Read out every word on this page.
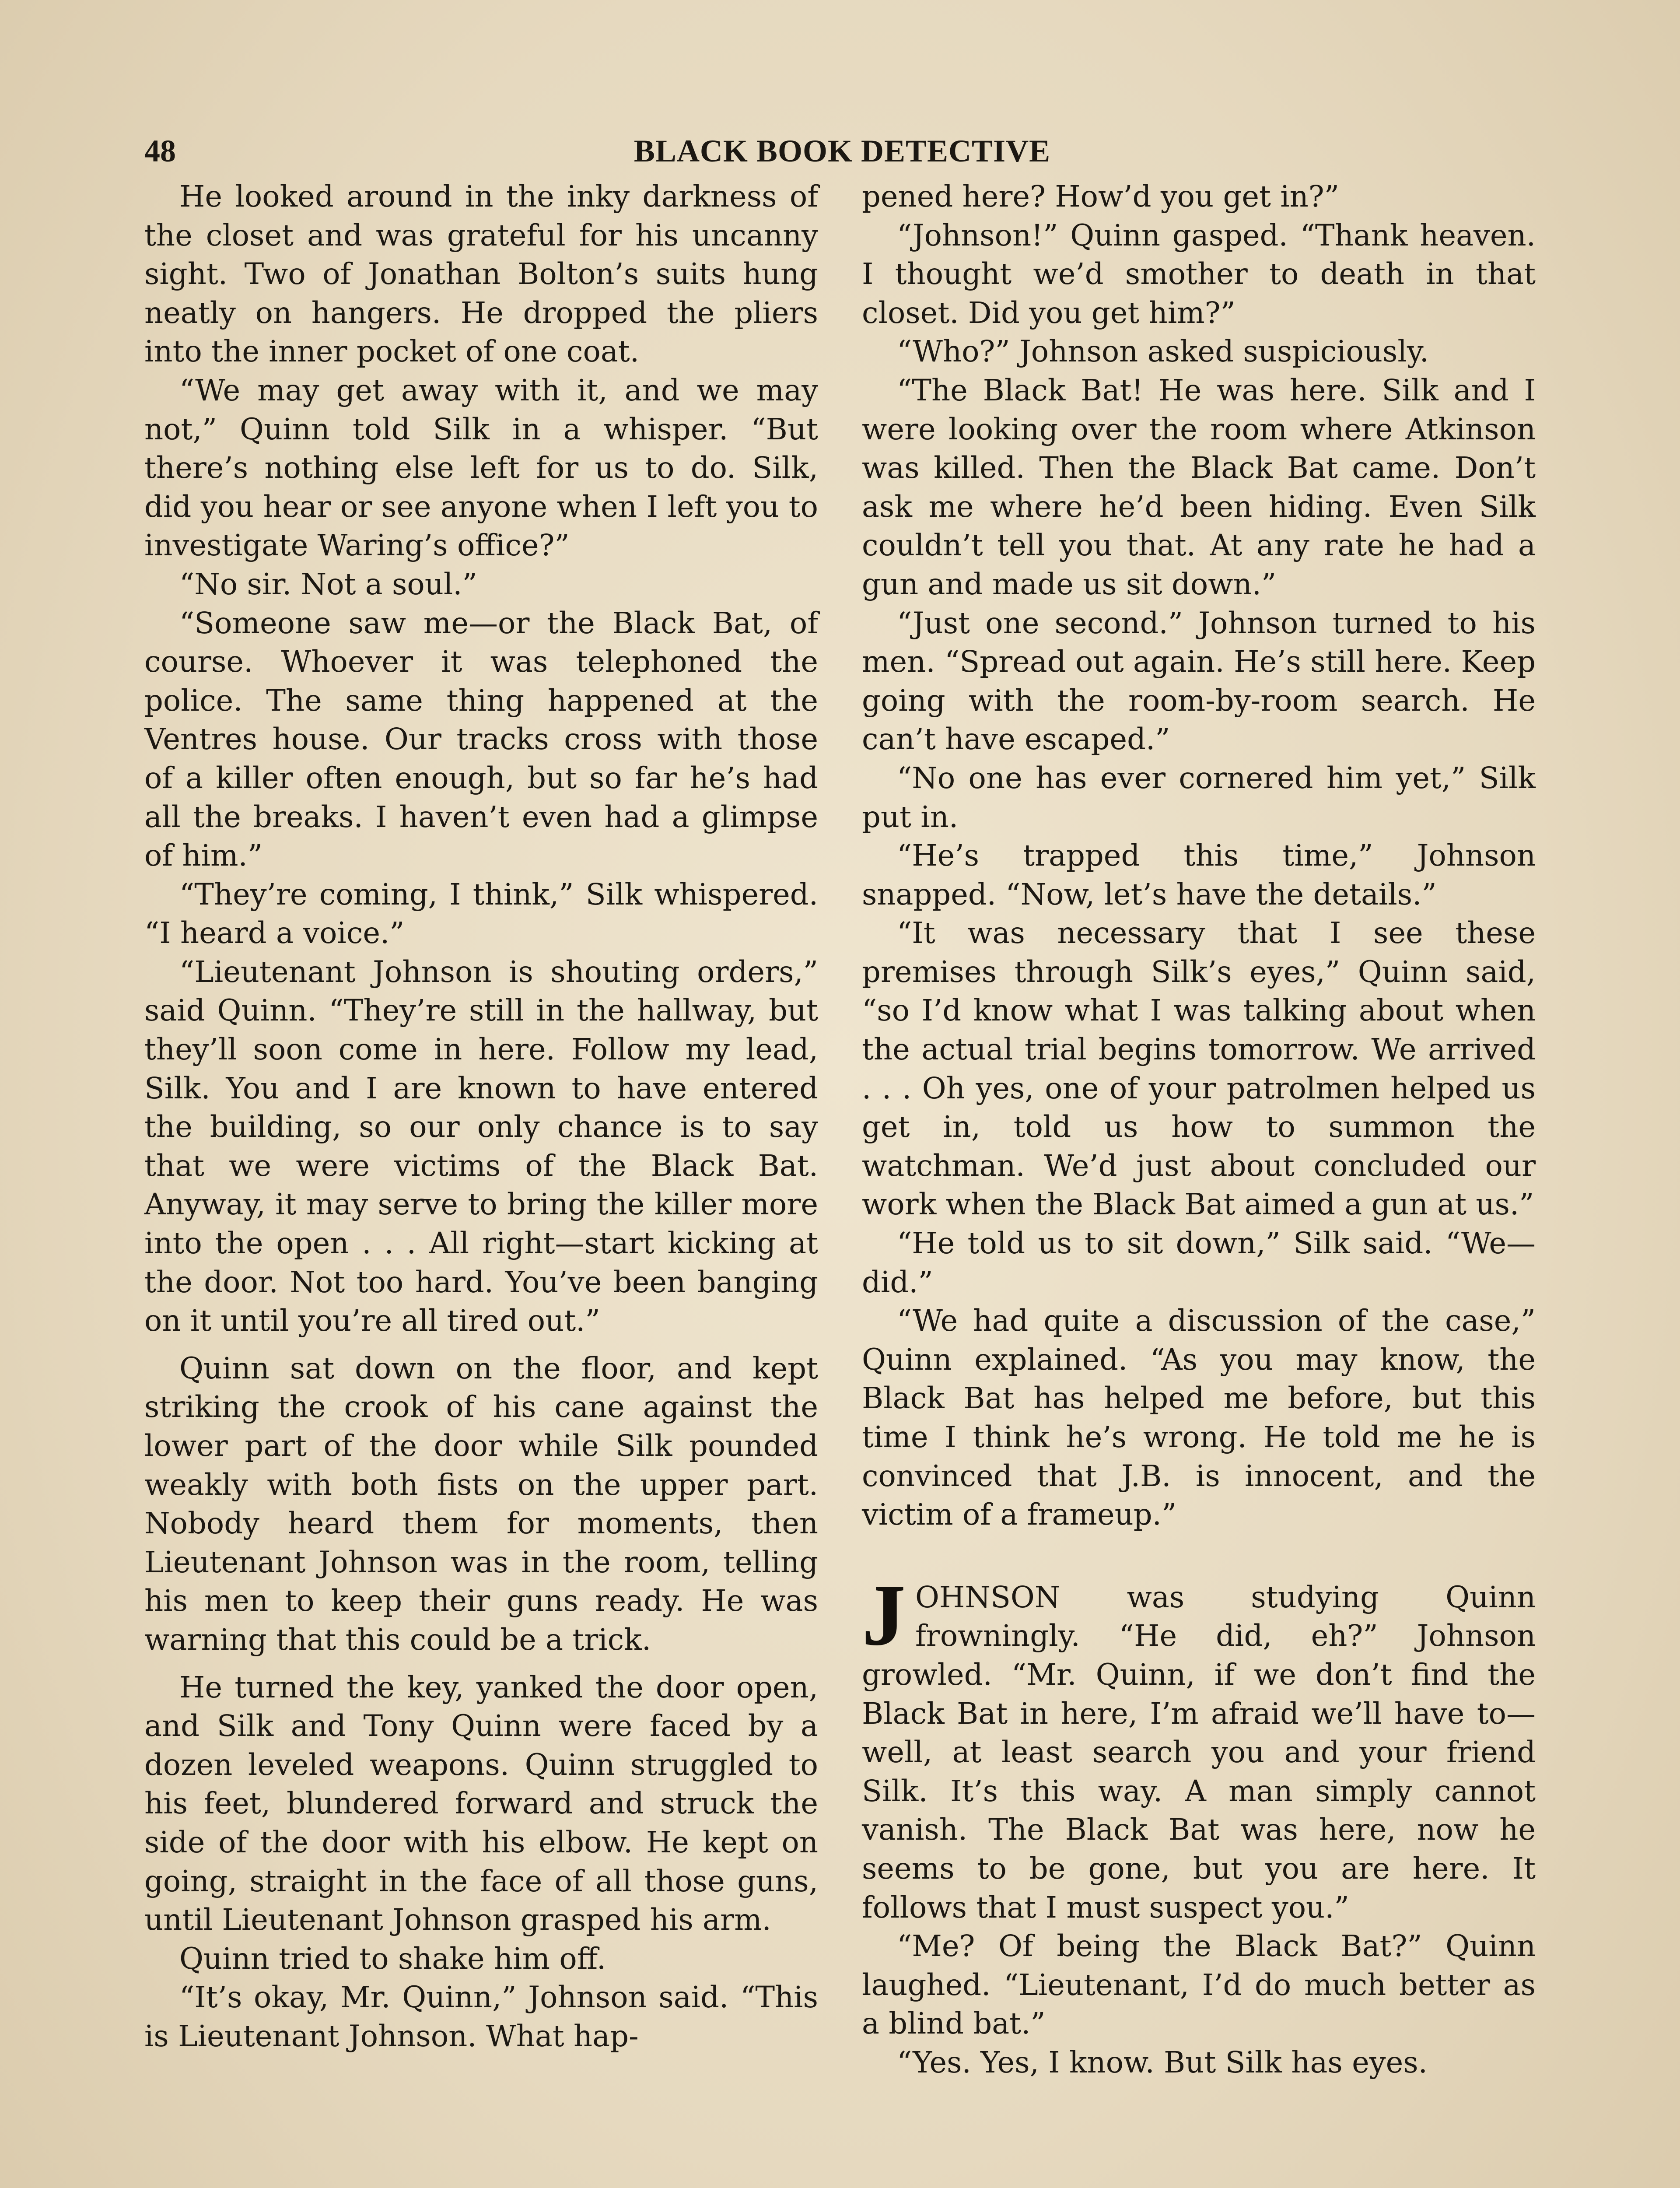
48	BLACK BOOK DETECTIVE

He looked around in the inky darkness of the closet and was grateful for his uncanny sight. Two of Jonathan Bolton’s suits hung neatly on hangers. He dropped the pliers into the inner pocket of one coat.

“We may get away with it, and we may not,” Quinn told Silk in a whisper. “But there’s nothing else left for us to do. Silk, did you hear or see anyone when I left you to investigate Waring’s office?”

“No sir. Not a soul.”

“Someone saw me—or the Black Bat, of course. Whoever it was telephoned the police. The same thing happened at the Ventres house. Our tracks cross with those of a killer often enough, but so far he’s had all the breaks. I haven’t even had a glimpse of him.”

“They’re coming, I think,” Silk whispered. “I heard a voice.”

“Lieutenant Johnson is shouting orders,” said Quinn. “They’re still in the hallway, but they’ll soon come in here. Follow my lead, Silk. You and I are known to have entered the building, so our only chance is to say that we were victims of the Black Bat. Anyway, it may serve to bring the killer more into the open . . . All right—start kicking at the door. Not too hard. You’ve been banging on it until you’re all tired out.”

Quinn sat down on the floor, and kept striking the crook of his cane against the lower part of the door while Silk pounded weakly with both fists on the upper part. Nobody heard them for moments, then Lieutenant Johnson was in the room, telling his men to keep their guns ready. He was warning that this could be a trick.

He turned the key, yanked the door open, and Silk and Tony Quinn were faced by a dozen leveled weapons. Quinn struggled to his feet, blundered forward and struck the side of the door with his elbow. He kept on going, straight in the face of all those guns, until Lieutenant Johnson grasped his arm.

Quinn tried to shake him off.

“It’s okay, Mr. Quinn,” Johnson said. “This is Lieutenant Johnson. What hap-

pened here? How’d you get in?”

“Johnson!” Quinn gasped. “Thank heaven. I thought we’d smother to death in that closet. Did you get him?”

“Who?” Johnson asked suspiciously.

“The Black Bat! He was here. Silk and I were looking over the room where Atkinson was killed. Then the Black Bat came. Don’t ask me where he’d been hiding. Even Silk couldn’t tell you that. At any rate he had a gun and made us sit down.”

“Just one second.” Johnson turned to his men. “Spread out again. He’s still here. Keep going with the room-by-room search. He can’t have escaped.”

“No one has ever cornered him yet,” Silk put in.

“He’s trapped this time,” Johnson snapped. “Now, let’s have the details.”

“It was necessary that I see these premises through Silk’s eyes,” Quinn said, “so I’d know what I was talking about when the actual trial begins tomorrow. We arrived . . . Oh yes, one of your patrolmen helped us get in, told us how to summon the watchman. We’d just about concluded our work when the Black Bat aimed a gun at us.”

“He told us to sit down,” Silk said. “We—did.”

“We had quite a discussion of the case,” Quinn explained. “As you may know, the Black Bat has helped me before, but this time I think he’s wrong. He told me he is convinced that J.B. is innocent, and the victim of a frameup.”

JOHNSON was studying Quinn frowningly. “He did, eh?” Johnson growled. “Mr. Quinn, if we don’t find the Black Bat in here, I’m afraid we’ll have to—well, at least search you and your friend Silk. It’s this way. A man simply cannot vanish. The Black Bat was here, now he seems to be gone, but you are here. It follows that I must suspect you.”

“Me? Of being the Black Bat?” Quinn laughed. “Lieutenant, I’d do much better as a blind bat.”

“Yes. Yes, I know. But Silk has eyes.
